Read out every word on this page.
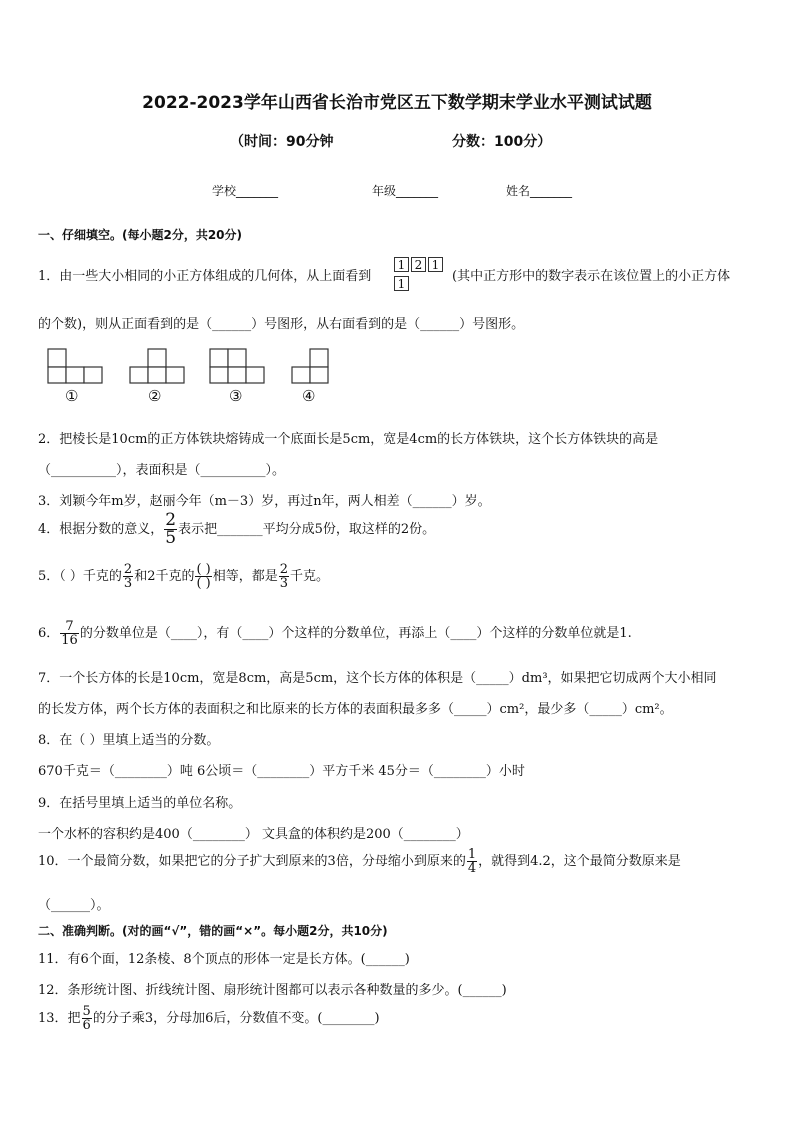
2022-2023学年山西省长治市党区五下数学期末学业水平测试试题
（时间：90分钟	分数：100分）
学校_______	年级_______	姓名_______
一、仔细填空。(每小题2分，共20分)
1．由一些大小相同的小正方体组成的几何体，从上面看到
1 2 1
1	(其中正方形中的数字表示在该位置上的小正方体
的个数)，则从正面看到的是（______）号图形，从右面看到的是（______）号图形。
①	②	③	④
2．把棱长是10cm的正方体铁块熔铸成一个底面长是5cm，宽是4cm的长方体铁块，这个长方体铁块的高是
（__________），表面积是（__________）。
3．刘颖今年m岁，赵丽今年（m－3）岁，再过n年，两人相差（______）岁。
4．根据分数的意义， $\frac{2}{5}$ 表示把_______平均分成5份，取这样的2份。
5．（ ）千克的 $\frac{2}{3}$ 和2千克的 $\frac{( )}{( )}$ 相等，都是 $\frac{2}{3}$ 千克。
6． $\frac{7}{16}$ 的分数单位是（____），有（____）个这样的分数单位，再添上（____）个这样的分数单位就是1.
7．一个长方体的长是10cm，宽是8cm，高是5cm，这个长方体的体积是（_____）dm³，如果把它切成两个大小相同
的长发方体，两个长方体的表面积之和比原来的长方体的表面积最多多（_____）cm²，最少多（_____）cm²。
8．在（ ）里填上适当的分数。
670千克＝（________）吨 6公顷＝（________）平方千米 45分＝（________）小时
9．在括号里填上适当的单位名称。
一个水杯的容积约是400（________） 文具盒的体积约是200（________）
10．一个最简分数，如果把它的分子扩大到原来的3倍，分母缩小到原来的 $\frac{1}{4}$ ，就得到4.2，这个最简分数原来是
（______）。
二、准确判断。(对的画“√”，错的画“×”。每小题2分，共10分)
11．有6个面，12条棱、8个顶点的形体一定是长方体。(______)
12．条形统计图、折线统计图、扇形统计图都可以表示各种数量的多少。(______)
13．把 $\frac{5}{6}$ 的分子乘3，分母加6后，分数值不变。(________)
